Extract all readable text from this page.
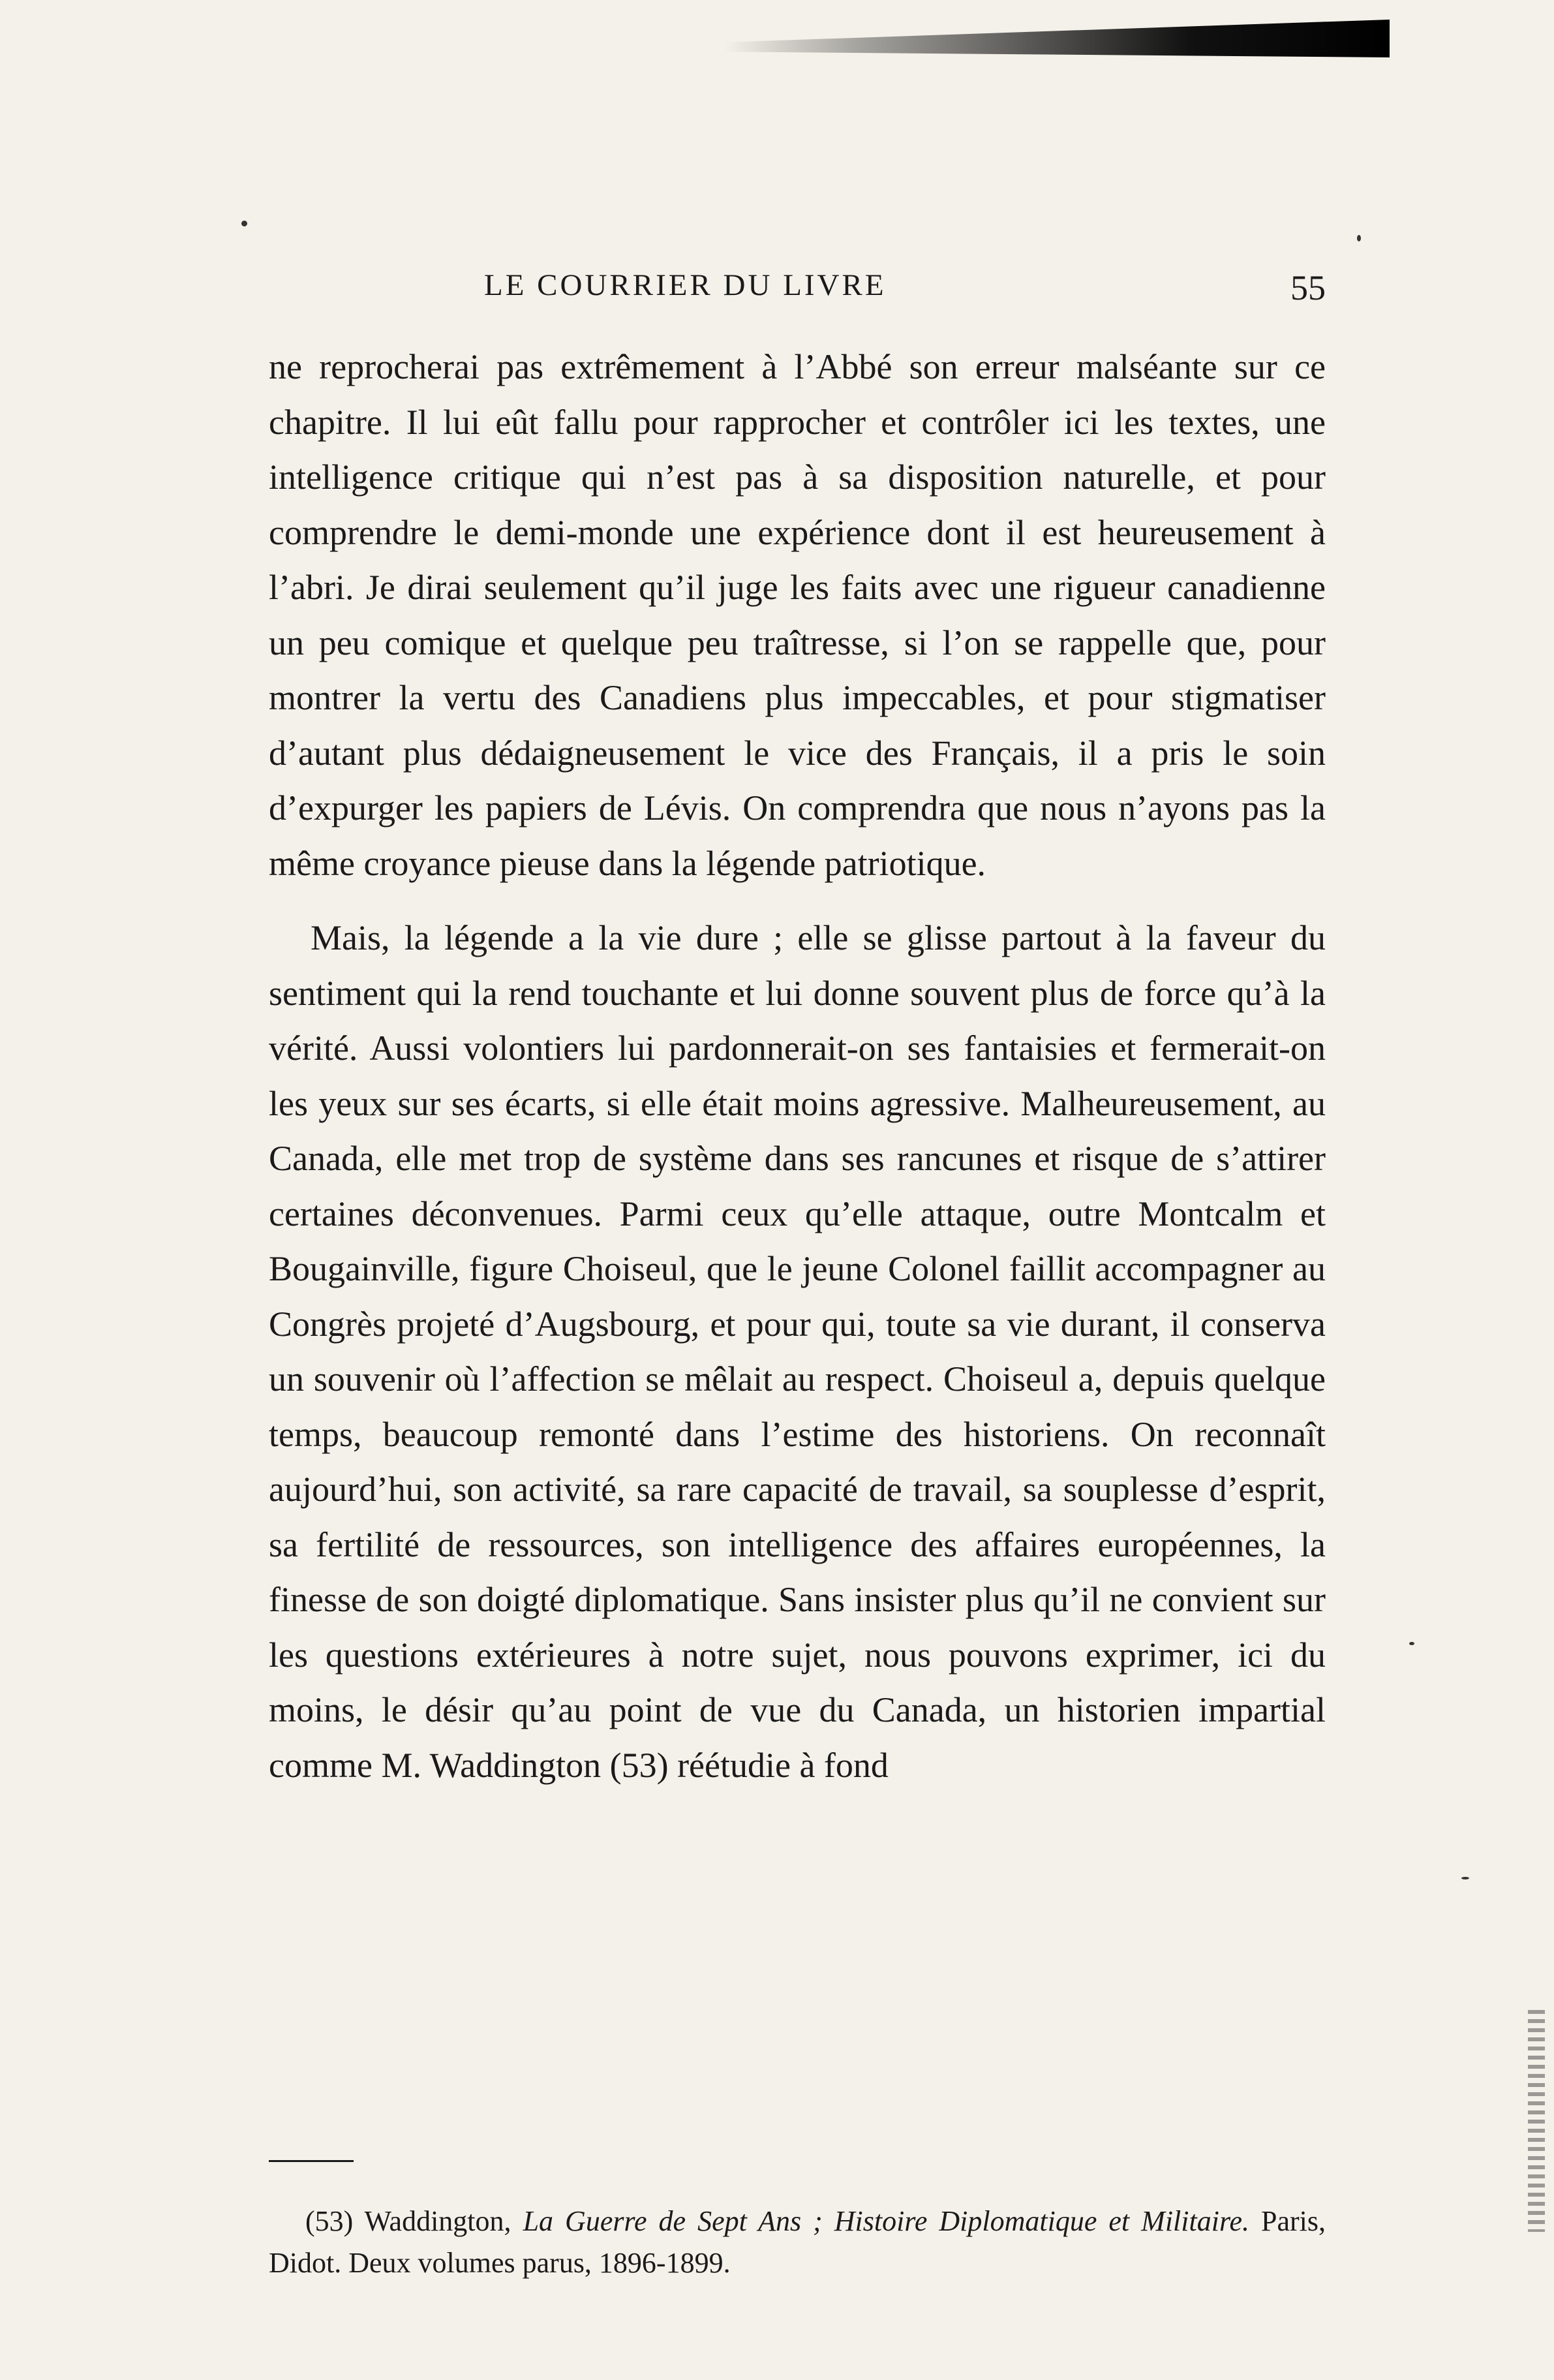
LE COURRIER DU LIVRE	55

ne reprocherai pas extrêmement à l’Abbé son erreur malséante sur ce chapitre. Il lui eût fallu pour rapprocher et contrôler ici les textes, une intelligence critique qui n’est pas à sa disposition naturelle, et pour comprendre le demi-monde une expérience dont il est heureusement à l’abri. Je dirai seulement qu’il juge les faits avec une rigueur canadienne un peu comique et quelque peu traîtresse, si l’on se rappelle que, pour montrer la vertu des Canadiens plus impeccables, et pour stigmatiser d’autant plus dédaigneusement le vice des Français, il a pris le soin d’expurger les papiers de Lévis. On comprendra que nous n’ayons pas la même croyance pieuse dans la légende patriotique.

Mais, la légende a la vie dure ; elle se glisse partout à la faveur du sentiment qui la rend touchante et lui donne souvent plus de force qu’à la vérité. Aussi volontiers lui pardonnerait-on ses fantaisies et fermerait-on les yeux sur ses écarts, si elle était moins agressive. Malheureusement, au Canada, elle met trop de système dans ses rancunes et risque de s’attirer certaines déconvenues. Parmi ceux qu’elle attaque, outre Montcalm et Bougainville, figure Choiseul, que le jeune Colonel faillit accompagner au Congrès projeté d’Augsbourg, et pour qui, toute sa vie durant, il conserva un souvenir où l’affection se mêlait au respect. Choiseul a, depuis quelque temps, beaucoup remonté dans l’estime des historiens. On reconnaît aujourd’hui, son activité, sa rare capacité de travail, sa souplesse d’esprit, sa fertilité de ressources, son intelligence des affaires européennes, la finesse de son doigté diplomatique. Sans insister plus qu’il ne convient sur les questions extérieures à notre sujet, nous pouvons exprimer, ici du moins, le désir qu’au point de vue du Canada, un historien impartial comme M. Waddington (53) réétudie à fond

(53) Waddington, La Guerre de Sept Ans ; Histoire Diplomatique et Militaire. Paris, Didot. Deux volumes parus, 1896-1899.
